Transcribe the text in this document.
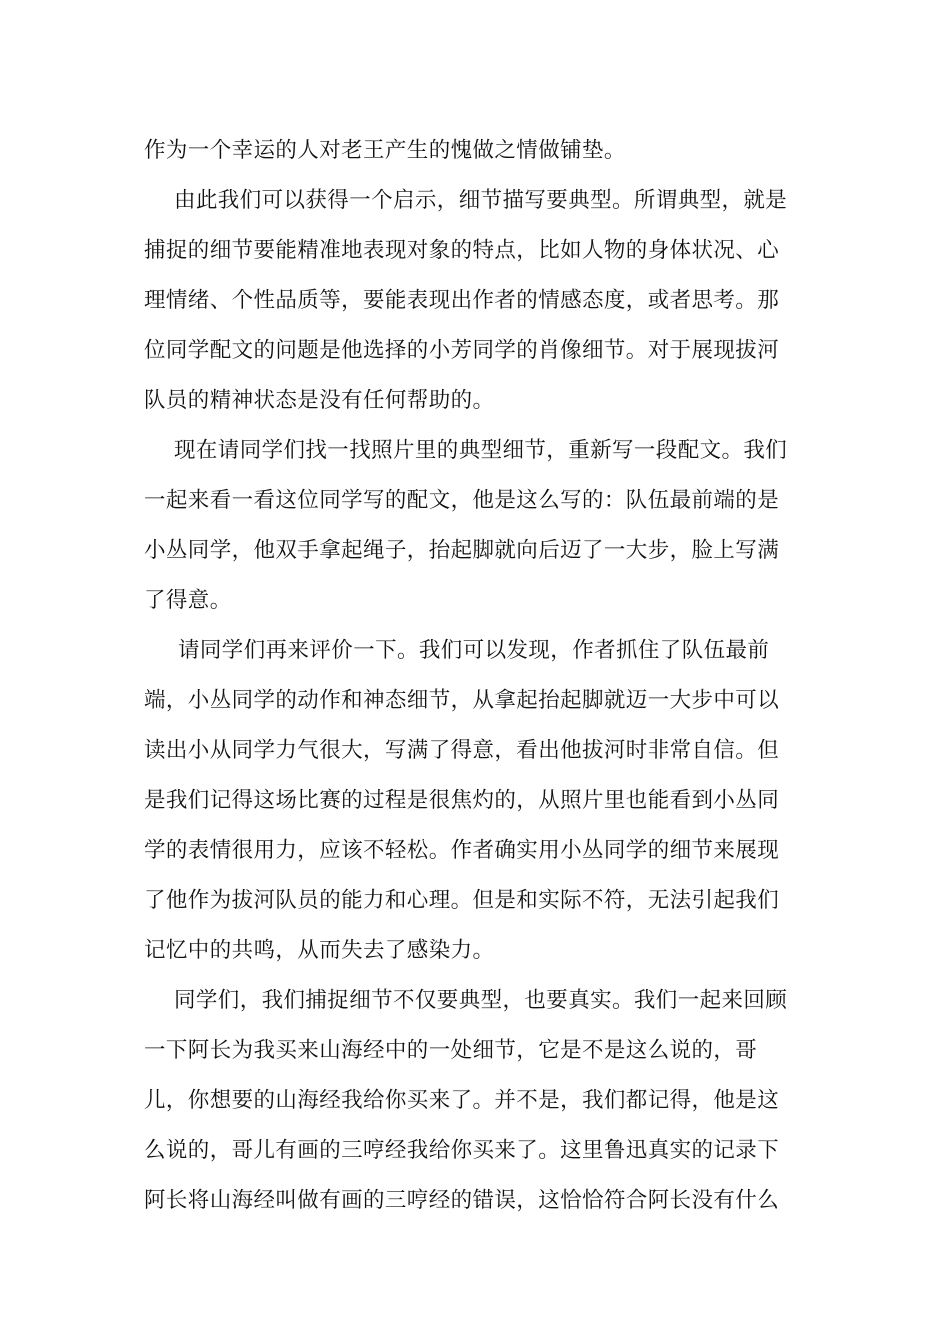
作为一个幸运的人对老王产生的愧做之情做铺垫。
由此我们可以获得一个启示，细节描写要典型。所谓典型，就是
捕捉的细节要能精准地表现对象的特点，比如人物的身体状况、心
理情绪、个性品质等，要能表现出作者的情感态度，或者思考。那
位同学配文的问题是他选择的小芳同学的肖像细节。对于展现拔河
队员的精神状态是没有任何帮助的。
现在请同学们找一找照片里的典型细节，重新写一段配文。我们
一起来看一看这位同学写的配文，他是这么写的：队伍最前端的是
小丛同学，他双手拿起绳子，抬起脚就向后迈了一大步，脸上写满
了得意。
请同学们再来评价一下。我们可以发现，作者抓住了队伍最前
端，小丛同学的动作和神态细节，从拿起抬起脚就迈一大步中可以
读出小从同学力气很大，写满了得意，看出他拔河时非常自信。但
是我们记得这场比赛的过程是很焦灼的，从照片里也能看到小丛同
学的表情很用力，应该不轻松。作者确实用小丛同学的细节来展现
了他作为拔河队员的能力和心理。但是和实际不符，无法引起我们
记忆中的共鸣，从而失去了感染力。
同学们，我们捕捉细节不仅要典型，也要真实。我们一起来回顾
一下阿长为我买来山海经中的一处细节，它是不是这么说的，哥
儿，你想要的山海经我给你买来了。并不是，我们都记得，他是这
么说的，哥儿有画的三哼经我给你买来了。这里鲁迅真实的记录下
阿长将山海经叫做有画的三哼经的错误，这恰恰符合阿长没有什么
